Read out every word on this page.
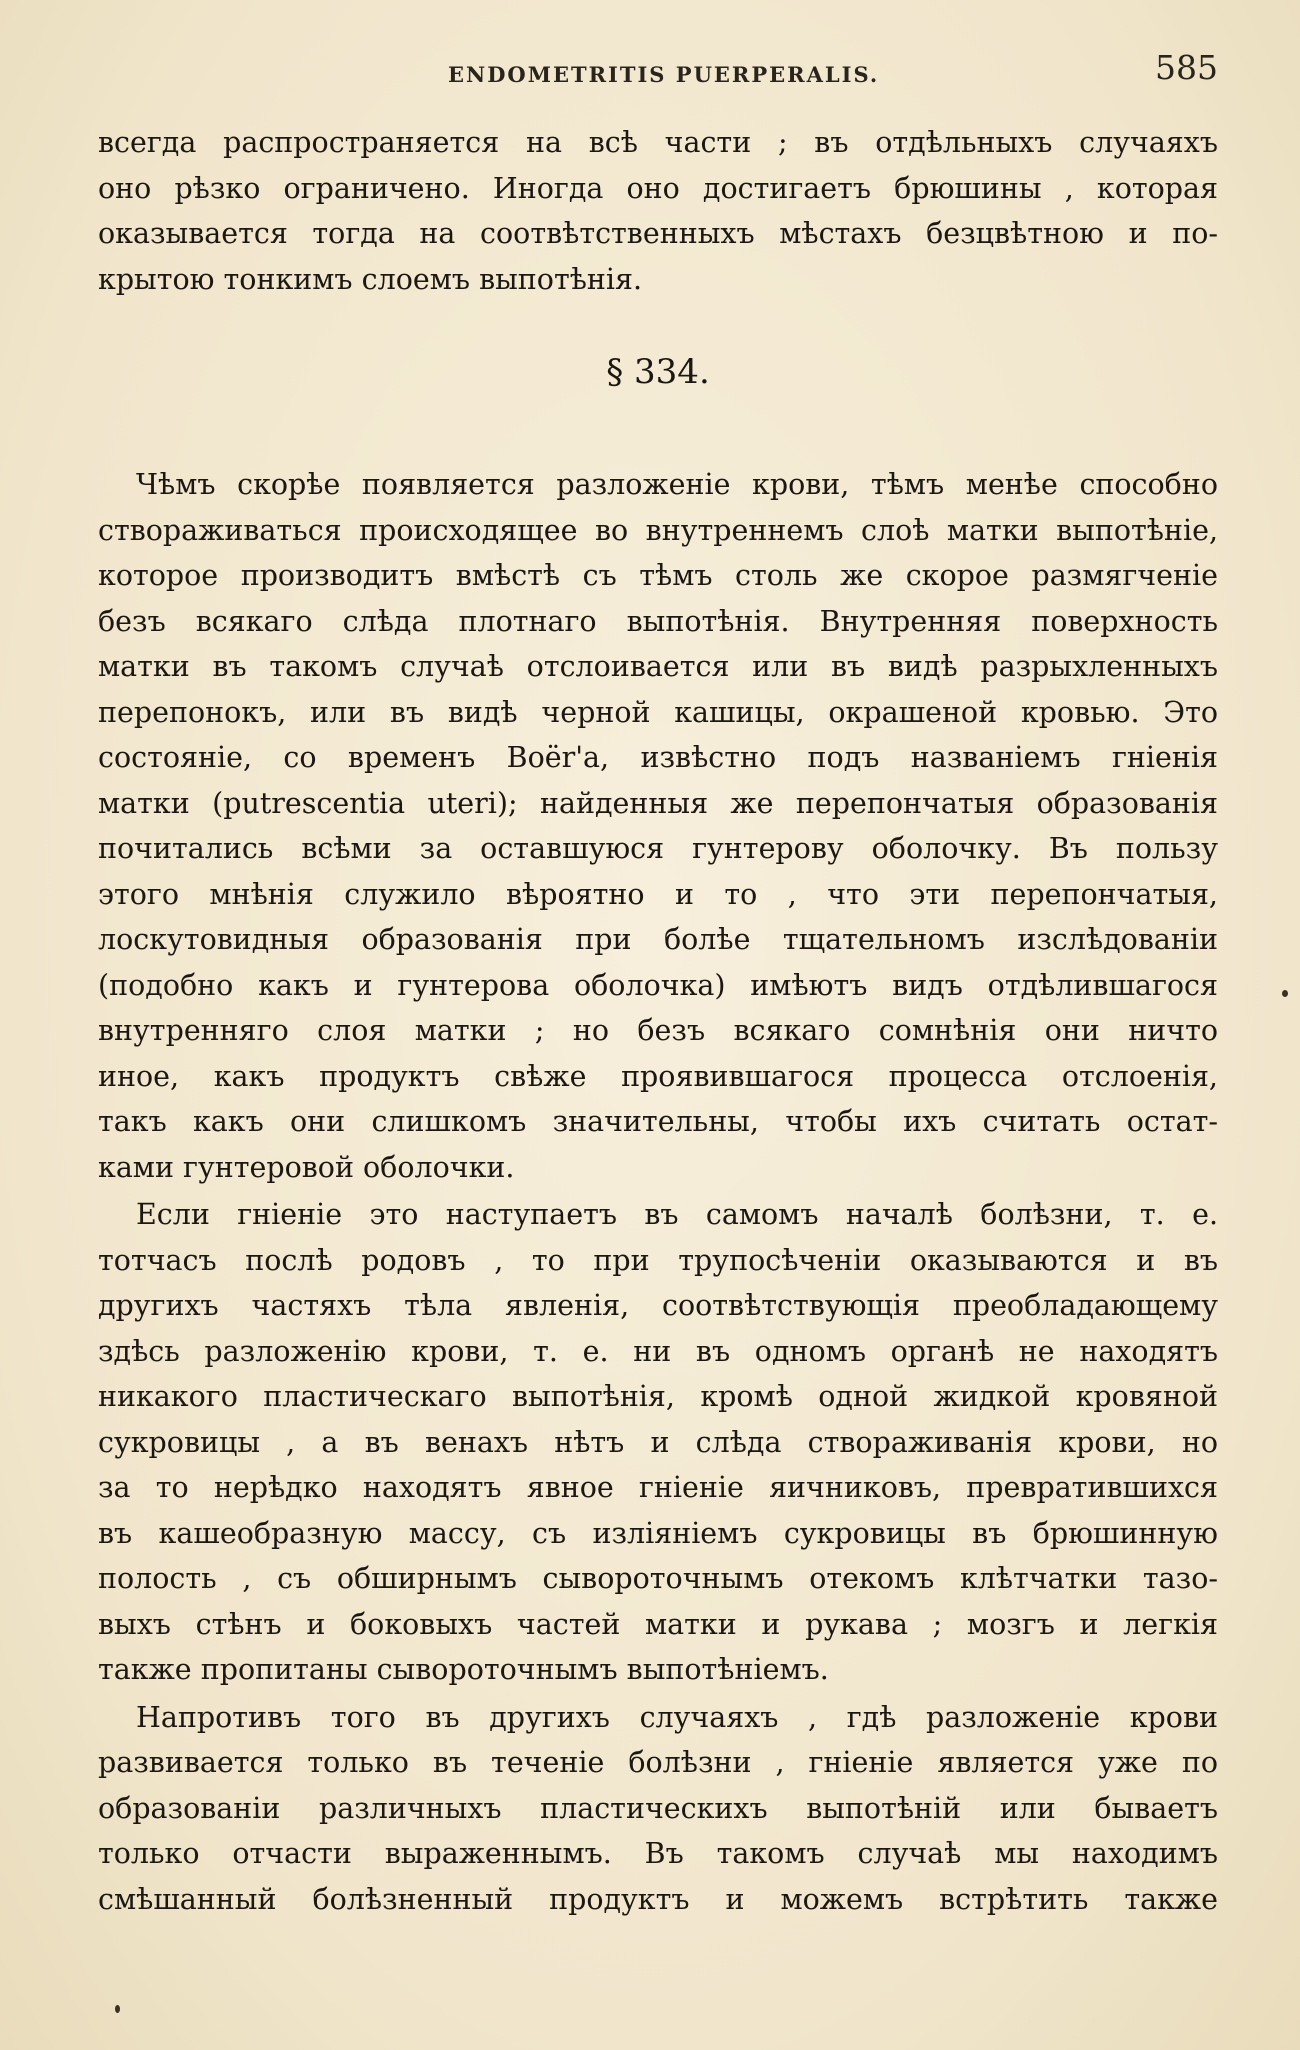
ENDOMETRITIS PUERPERALIS.	585
всегда распространяется на всѣ части ; въ отдѣльныхъ случаяхъ
оно рѣзко ограничено. Иногда оно достигаетъ брюшины , которая
оказывается тогда на соотвѣтственныхъ мѣстахъ безцвѣтною и по-
крытою тонкимъ слоемъ выпотѣнія.
§ 334.
Чѣмъ скорѣе появляется разложеніе крови, тѣмъ менѣе способно
створаживаться происходящее во внутреннемъ слоѣ матки выпотѣніе,
которое производитъ вмѣстѣ съ тѣмъ столь же скорое размягченіе
безъ всякаго слѣда плотнаго выпотѣнія. Внутренняя поверхность
матки въ такомъ случаѣ отслоивается или въ видѣ разрыхленныхъ
перепонокъ, или въ видѣ черной кашицы, окрашеной кровью. Это
состояніе, со временъ Boër'а, извѣстно подъ названіемъ гніенія
матки (putrescentia uteri); найденныя же перепончатыя образованія
почитались всѣми за оставшуюся гунтерову оболочку. Въ пользу
этого мнѣнія служило вѣроятно и то , что эти перепончатыя,
лоскутовидныя образованія при болѣе тщательномъ изслѣдованіи
(подобно какъ и гунтерова оболочка) имѣютъ видъ отдѣлившагося
внутренняго слоя матки ; но безъ всякаго сомнѣнія они ничто
иное, какъ продуктъ свѣже проявившагося процесса отслоенія,
такъ какъ они слишкомъ значительны, чтобы ихъ считать остат-
ками гунтеровой оболочки.
Если гніеніе это наступаетъ въ самомъ началѣ болѣзни, т. е.
тотчасъ послѣ родовъ , то при трупосѣченіи оказываются и въ
другихъ частяхъ тѣла явленія, соотвѣтствующія преобладающему
здѣсь разложенію крови, т. е. ни въ одномъ органѣ не находятъ
никакого пластическаго выпотѣнія, кромѣ одной жидкой кровяной
сукровицы , а въ венахъ нѣтъ и слѣда створаживанія крови, но
за то нерѣдко находятъ явное гніеніе яичниковъ, превратившихся
въ кашеобразную массу, съ изліяніемъ сукровицы въ брюшинную
полость , съ обширнымъ сывороточнымъ отекомъ клѣтчатки тазо-
выхъ стѣнъ и боковыхъ частей матки и рукава ; мозгъ и легкія
также пропитаны сывороточнымъ выпотѣніемъ.
Напротивъ того въ другихъ случаяхъ , гдѣ разложеніе крови
развивается только въ теченіе болѣзни , гніеніе является уже по
образованіи различныхъ пластическихъ выпотѣній или бываетъ
только отчасти выраженнымъ. Въ такомъ случаѣ мы находимъ
смѣшанный болѣзненный продуктъ и можемъ встрѣтить также
